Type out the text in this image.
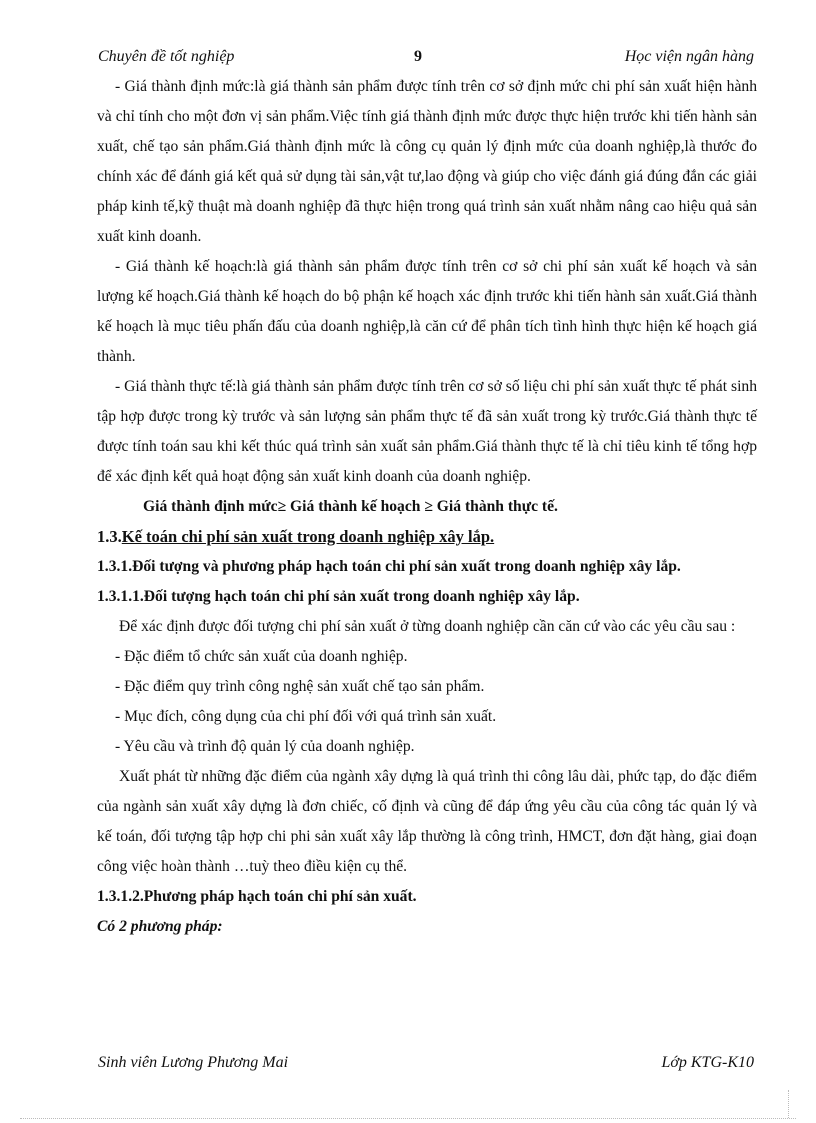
Chuyên đề tốt nghiệp	9	Học viện ngân hàng

- Giá thành định mức:là giá thành sản phẩm được tính trên cơ sở định mức chi phí sản xuất hiện hành và chỉ tính cho một đơn vị sản phẩm.Việc tính giá thành định mức được thực hiện trước khi tiến hành sản xuất, chế tạo sản phẩm.Giá thành định mức là công cụ quản lý định mức của doanh nghiệp,là thước đo chính xác để đánh giá kết quả sử dụng tài sản,vật tư,lao động và giúp cho việc đánh giá đúng đắn các giải pháp kinh tế,kỹ thuật mà doanh nghiệp đã thực hiện trong quá trình sản xuất nhằm nâng cao hiệu quả sản xuất kinh doanh.

- Giá thành kế hoạch:là giá thành sản phẩm được tính trên cơ sở chi phí sản xuất kế hoạch và sản lượng kế hoạch.Giá thành kế hoạch do bộ phận kế hoạch xác định trước khi tiến hành sản xuất.Giá thành kế hoạch là mục tiêu phấn đấu của doanh nghiệp,là căn cứ để phân tích tình hình thực hiện kế hoạch giá thành.

- Giá thành thực tế:là giá thành sản phẩm được tính trên cơ sở số liệu chi phí sản xuất thực tế phát sinh tập hợp được trong kỳ trước và sản lượng sản phẩm thực tế đã sản xuất trong kỳ trước.Giá thành thực tế được tính toán sau khi kết thúc quá trình sản xuất sản phẩm.Giá thành thực tế là chỉ tiêu kinh tế tổng hợp để xác định kết quả hoạt động sản xuất kinh doanh của doanh nghiệp.

Giá thành định mức≥ Giá thành kế hoạch ≥ Giá thành thực tế.

1.3.Kế toán chi phí sản xuất trong doanh nghiệp xây lắp.

1.3.1.Đối tượng và phương pháp hạch toán chi phí sản xuất trong doanh nghiệp xây lắp.

1.3.1.1.Đối tượng hạch toán chi phí sản xuất trong doanh nghiệp xây lắp.

Để xác định được đối tượng chi phí sản xuất ở từng doanh nghiệp cần căn cứ vào các yêu cầu sau :

- Đặc điểm tổ chức sản xuất của doanh nghiệp.

- Đặc điểm quy trình công nghệ sản xuất chế tạo sản phẩm.

- Mục đích, công dụng của chi phí đối với quá trình sản xuất.

- Yêu cầu và trình độ quản lý của doanh nghiệp.

Xuất phát từ những đặc điểm của ngành xây dựng là quá trình thi công lâu dài, phức tạp, do đặc điểm của ngành sản xuất xây dựng là đơn chiếc, cố định và cũng để đáp ứng yêu cầu của công tác quản lý và kế toán, đối tượng tập hợp chi phi sản xuất xây lắp thường là công trình, HMCT, đơn đặt hàng, giai đoạn công việc hoàn thành …tuỳ theo điều kiện cụ thể.

1.3.1.2.Phương pháp hạch toán chi phí sản xuất.

Có 2 phương pháp:

Sinh viên Lương Phương Mai	Lớp KTG-K10
